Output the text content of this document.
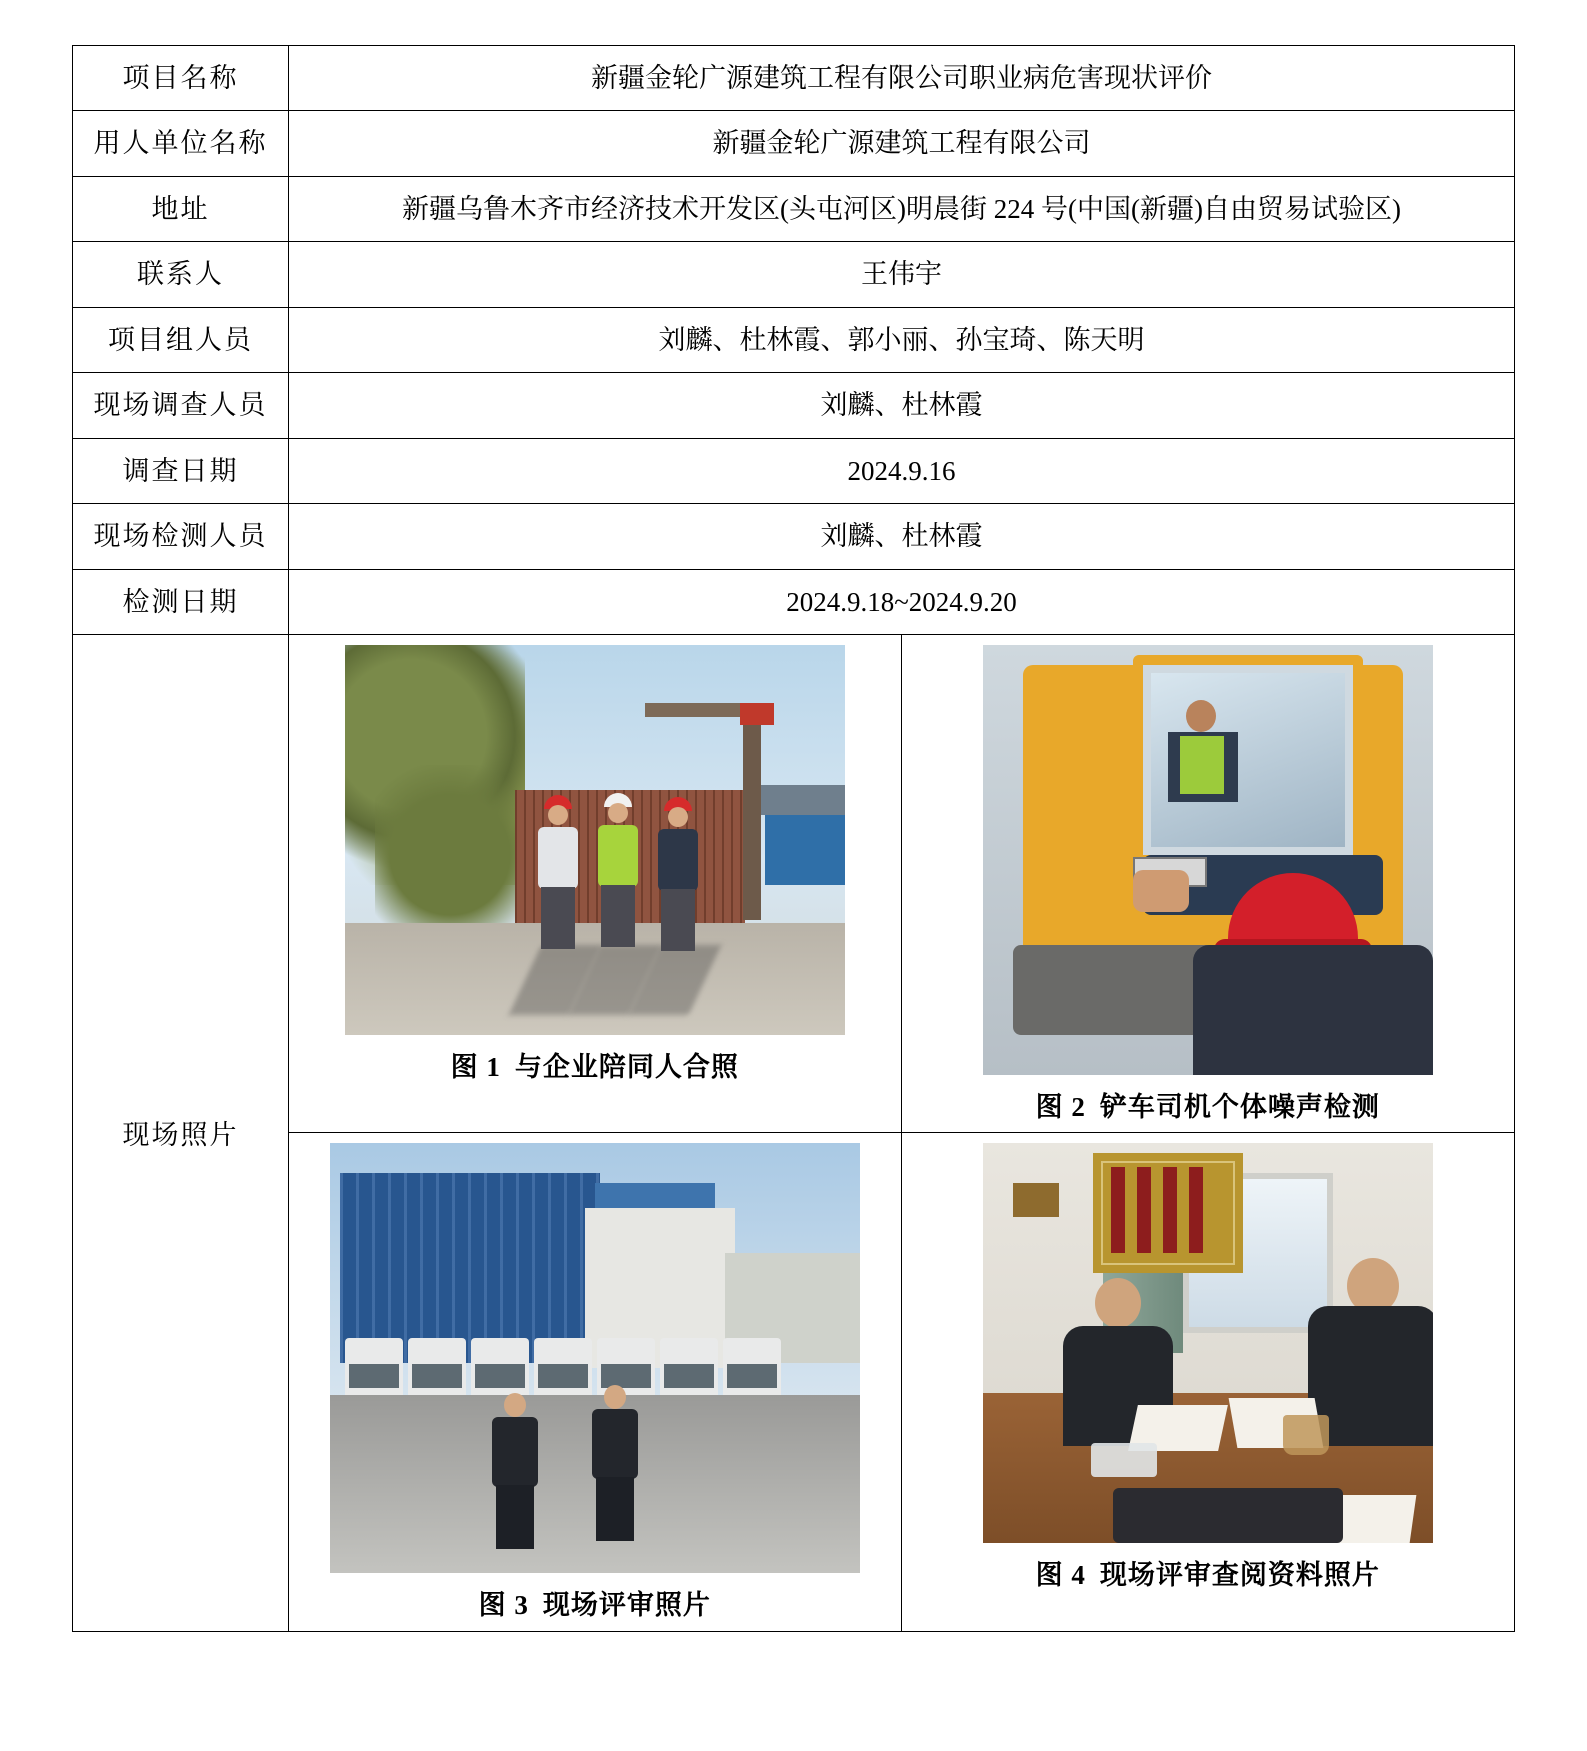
项目名称	新疆金轮广源建筑工程有限公司职业病危害现状评价
用人单位名称	新疆金轮广源建筑工程有限公司
地址	新疆乌鲁木齐市经济技术开发区(头屯河区)明晨街 224 号(中国(新疆)自由贸易试验区)
联系人	王伟宇
项目组人员	刘麟、杜林霞、郭小丽、孙宝琦、陈天明
现场调查人员	刘麟、杜林霞
调查日期	2024.9.16
现场检测人员	刘麟、杜林霞
检测日期	2024.9.18~2024.9.20
现场照片	图 1 与企业陪同人合照
图 2 铲车司机个体噪声检测
图 3 现场评审照片
图 4 现场评审查阅资料照片
